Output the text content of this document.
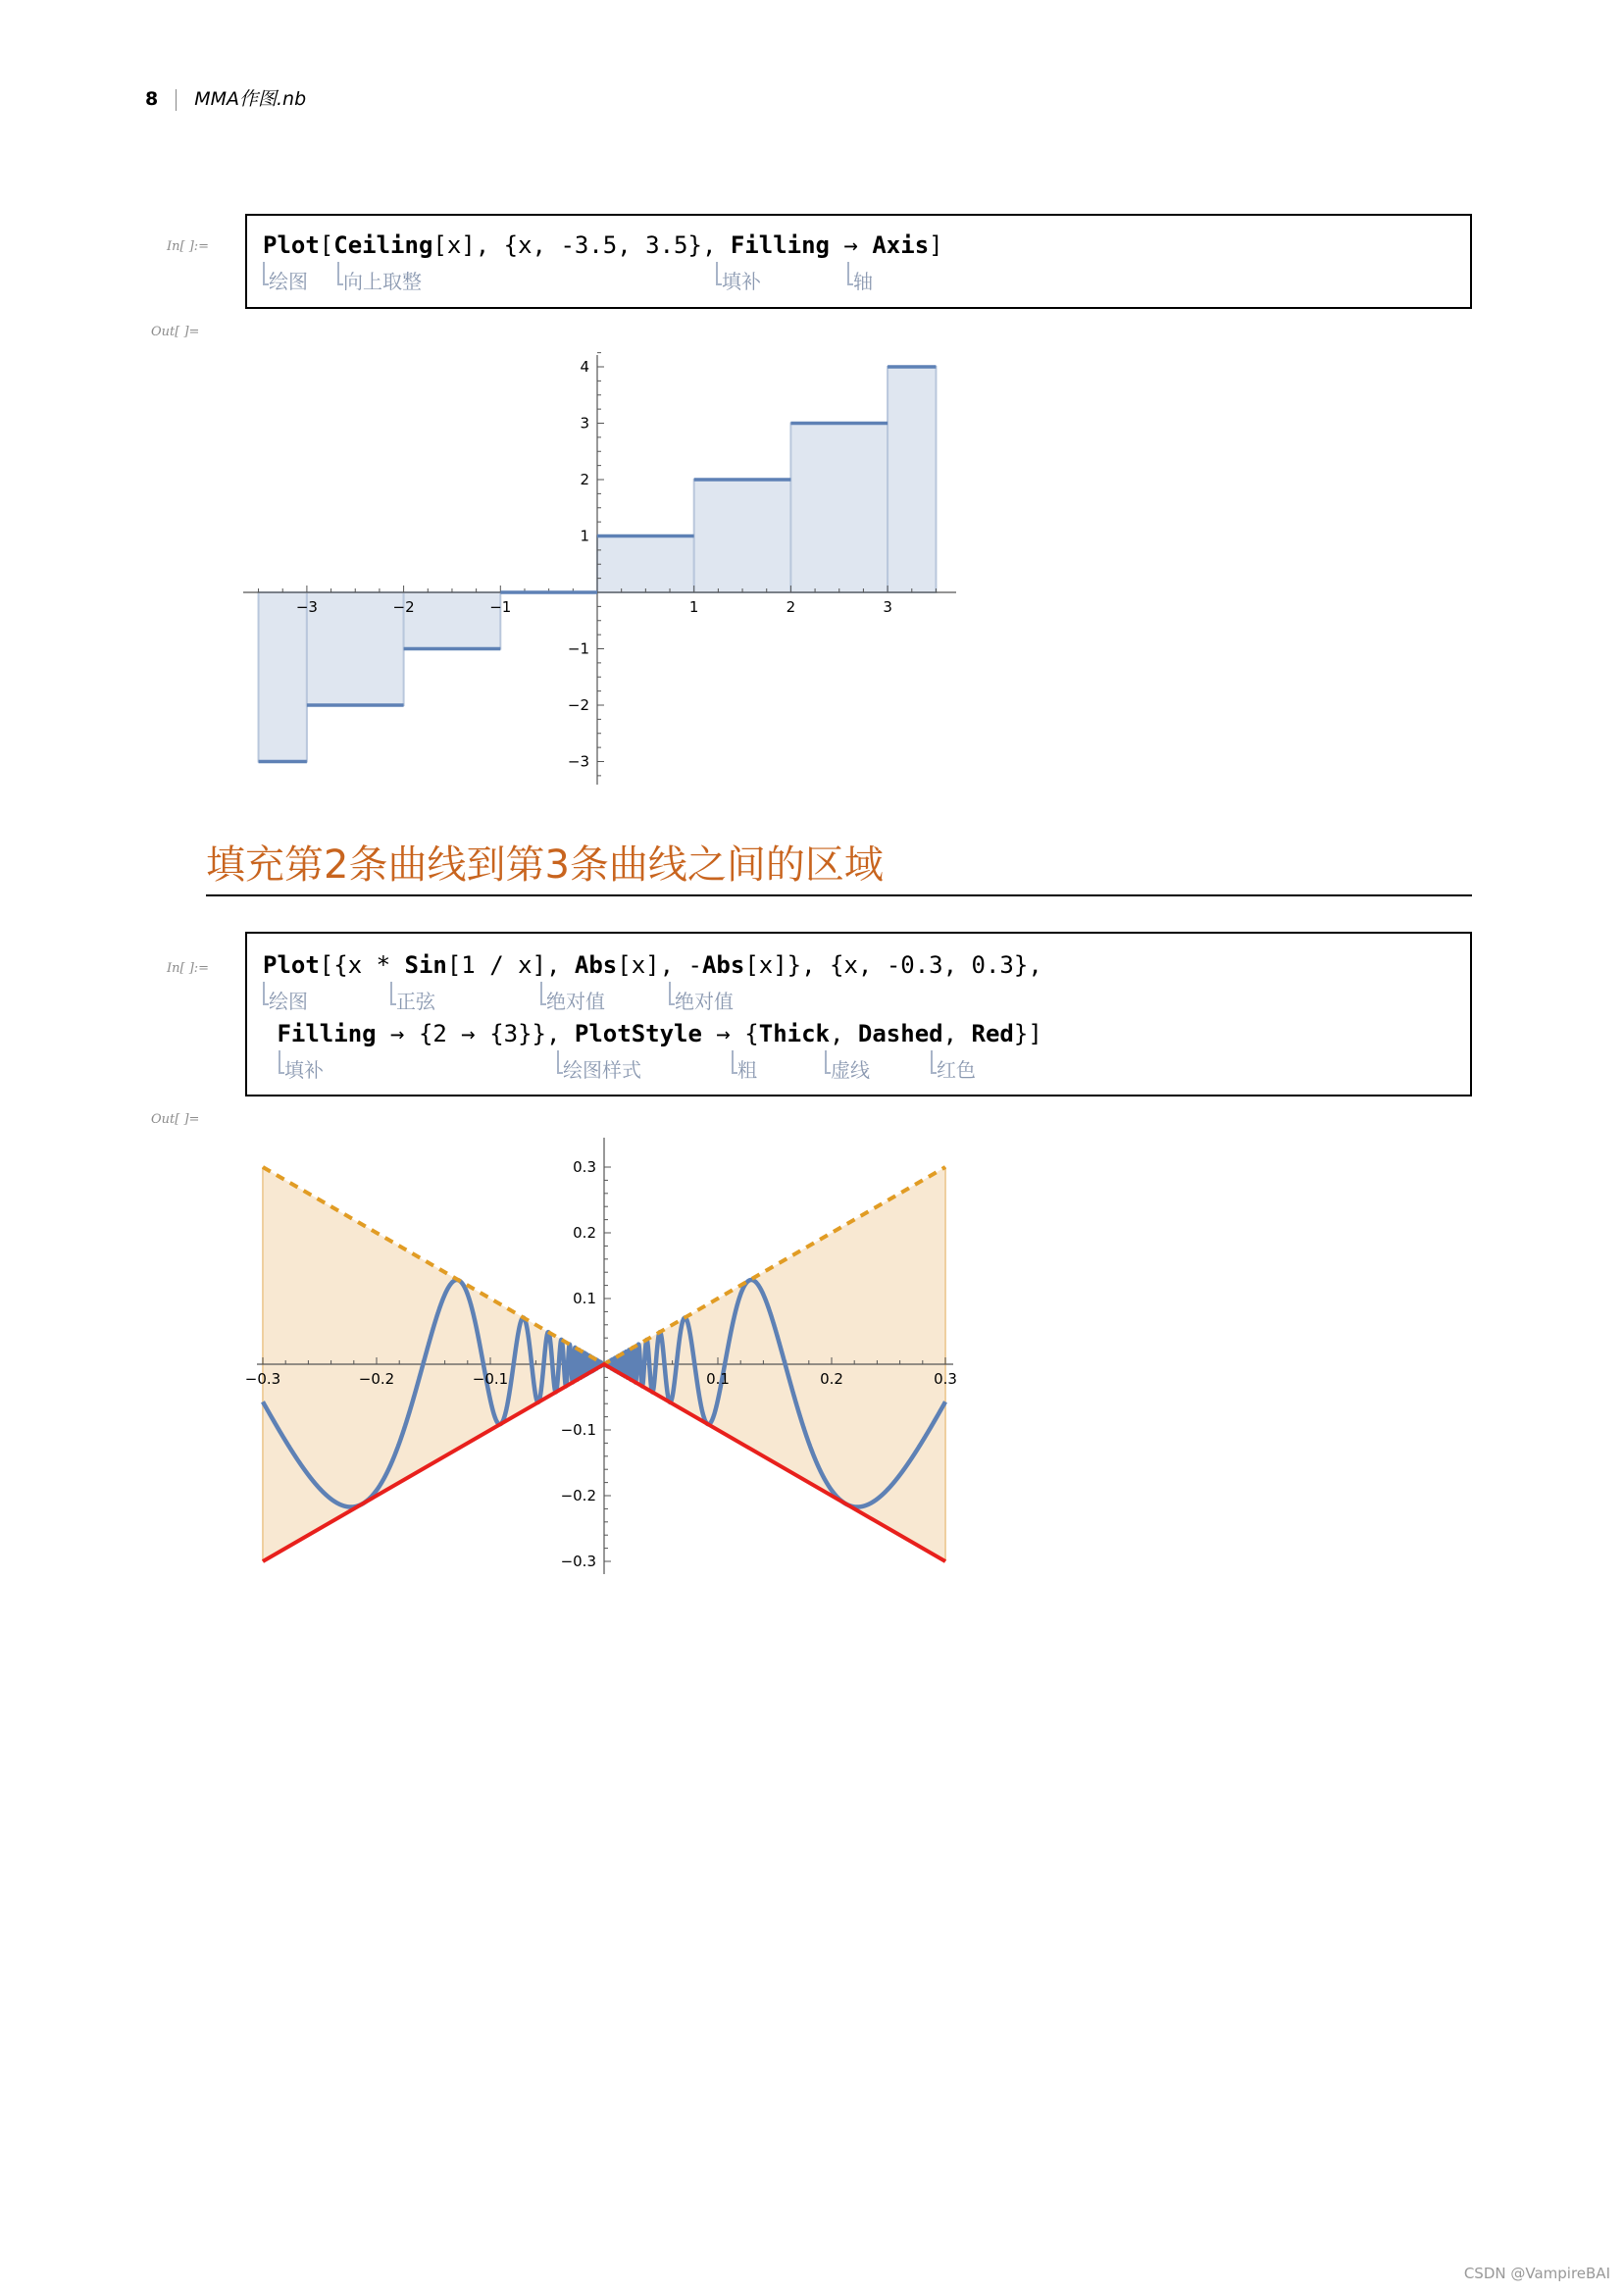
8 MMA作图.nb
In[ ]:= Plot[Ceiling[x], {x, -3.5, 3.5}, Filling → Axis]
绘图 向上取整	填补	轴
Out[ ]=
−3	−2	−1	1	2	3
4
3
2
1
−1
−2
−3
填充第2条曲线到第3条曲线之间的区域
In[ ]:= Plot[{x * Sin[1 / x], Abs[x], -Abs[x]}, {x, -0.3, 0.3},
绘图	正弦	绝对值	绝对值
Filling → {2 → {3}}, PlotStyle → {Thick, Dashed, Red}]
填补	绘图样式	粗	虚线	红色
Out[ ]=
−0.3	−0.2	−0.1	0.1	0.2	0.3
0.3
0.2
0.1
−0.1
−0.2
−0.3
CSDN @VampireBAI
